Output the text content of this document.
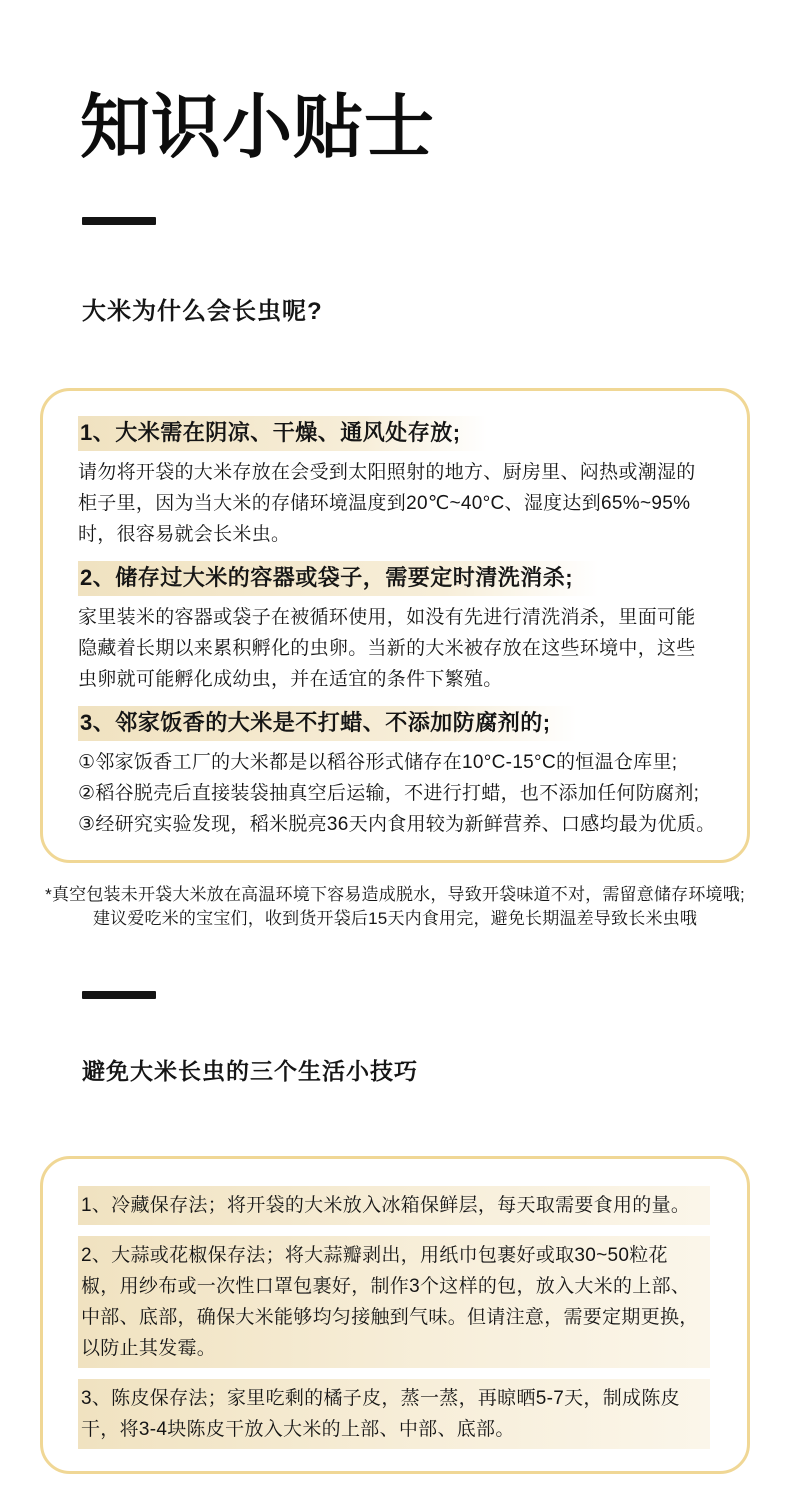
知识小贴士
大米为什么会长虫呢?
1、大米需在阴凉、干燥、通风处存放;

请勿将开袋的大米存放在会受到太阳照射的地方、厨房里、闷热或潮湿的柜子里，因为当大米的存储环境温度到20℃~40°C、湿度达到65%~95%时，很容易就会长米虫。

2、储存过大米的容器或袋子，需要定时清洗消杀;

家里装米的容器或袋子在被循环使用，如没有先进行清洗消杀，里面可能隐藏着长期以来累积孵化的虫卵。当新的大米被存放在这些环境中，这些虫卵就可能孵化成幼虫，并在适宜的条件下繁殖。

3、邻家饭香的大米是不打蜡、不添加防腐剂的;
①邻家饭香工厂的大米都是以稻谷形式储存在10°C-15°C的恒温仓库里;
②稻谷脱壳后直接装袋抽真空后运输，不进行打蜡，也不添加任何防腐剂;
③经研究实验发现，稻米脱亮36天内食用较为新鲜营养、口感均最为优质。
*真空包装未开袋大米放在高温环境下容易造成脱水，导致开袋味道不对，需留意储存环境哦;
建议爱吃米的宝宝们，收到货开袋后15天内食用完，避免长期温差导致长米虫哦
避免大米长虫的三个生活小技巧

1、冷藏保存法；将开袋的大米放入冰箱保鲜层，每天取需要食用的量。

2、大蒜或花椒保存法；将大蒜瓣剥出，用纸巾包裹好或取30~50粒花椒，用纱布或一次性口罩包裹好，制作3个这样的包，放入大米的上部、中部、底部，确保大米能够均匀接触到气味。但请注意，需要定期更换，以防止其发霉。

3、陈皮保存法；家里吃剩的橘子皮，蒸一蒸，再晾晒5-7天，制成陈皮干，将3-4块陈皮干放入大米的上部、中部、底部。
